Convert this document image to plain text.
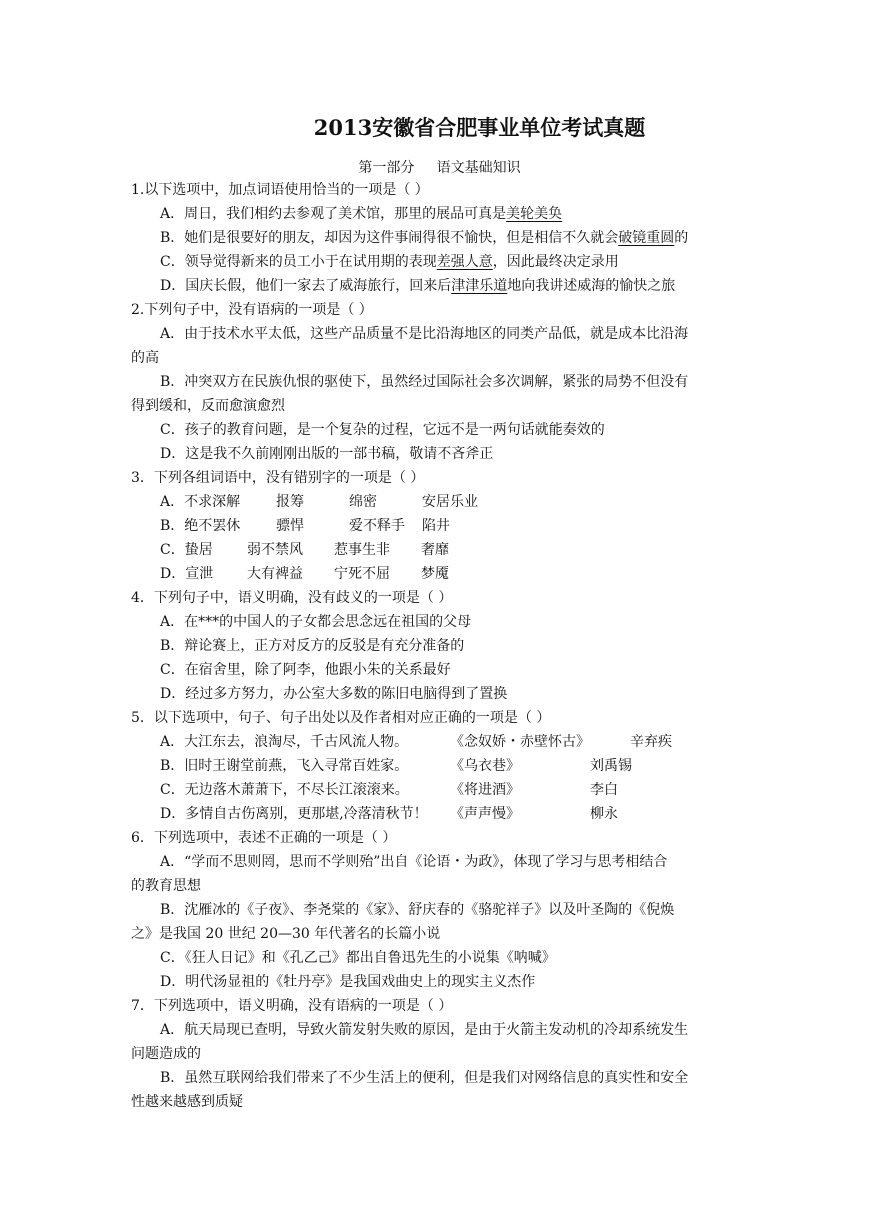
2013安徽省合肥事业单位考试真题
第一部分     语文基础知识
1.以下选项中，加点词语使用恰当的一项是（ ）
A．周日，我们相约去参观了美术馆，那里的展品可真是美轮美奂
B．她们是很要好的朋友，却因为这件事闹得很不愉快，但是相信不久就会破镜重圆的
C．领导觉得新来的员工小于在试用期的表现差强人意，因此最终决定录用
D．国庆长假，他们一家去了威海旅行，回来后津津乐道地向我讲述威海的愉快之旅
2.下列句子中，没有语病的一项是（ ）
A．由于技术水平太低，这些产品质量不是比沿海地区的同类产品低，就是成本比沿海
的高
B．冲突双方在民族仇恨的驱使下，虽然经过国际社会多次调解，紧张的局势不但没有
得到缓和，反而愈演愈烈
C．孩子的教育问题，是一个复杂的过程，它远不是一两句话就能奏效的
D．这是我不久前刚刚出版的一部书稿，敬请不吝斧正
3．下列各组词语中，没有错别字的一项是（ ）
A．不求深解	报筹	绵密	安居乐业
B．绝不罢休	骠悍	爱不释手	陷井
C．蛰居	弱不禁风	惹事生非	奢靡
D．宣泄	大有裨益	宁死不屈	梦魇
4．下列句子中，语义明确，没有歧义的一项是（ ）
A．在***的中国人的子女都会思念远在祖国的父母
B．辩论赛上，正方对反方的反驳是有充分准备的
C．在宿舍里，除了阿李，他跟小朱的关系最好
D．经过多方努力，办公室大多数的陈旧电脑得到了置换
5．以下选项中，句子、句子出处以及作者相对应正确的一项是（ ）
A．大江东去，浪淘尽，千古风流人物。	《念奴娇・赤壁怀古》	辛弃疾
B．旧时王谢堂前燕，飞入寻常百姓家。	《乌衣巷》	刘禹锡
C．无边落木萧萧下，不尽长江滚滚来。	《将进酒》	李白
D．多情自古伤离别，更那堪,冷落清秋节！	《声声慢》	柳永
6．下列选项中，表述不正确的一项是（ ）
A．“学而不思则罔，思而不学则殆”出自《论语・为政》，体现了学习与思考相结合
的教育思想
B．沈雁冰的《子夜》、李尧棠的《家》、舒庆春的《骆驼祥子》以及叶圣陶的《倪焕
之》是我国 20 世纪 20—30 年代著名的长篇小说
C．《狂人日记》和《孔乙己》都出自鲁迅先生的小说集《呐喊》
D．明代汤显祖的《牡丹亭》是我国戏曲史上的现实主义杰作
7．下列选项中，语义明确，没有语病的一项是（ ）
A．航天局现已查明，导致火箭发射失败的原因，是由于火箭主发动机的冷却系统发生
问题造成的
B．虽然互联网给我们带来了不少生活上的便利，但是我们对网络信息的真实性和安全
性越来越感到质疑
